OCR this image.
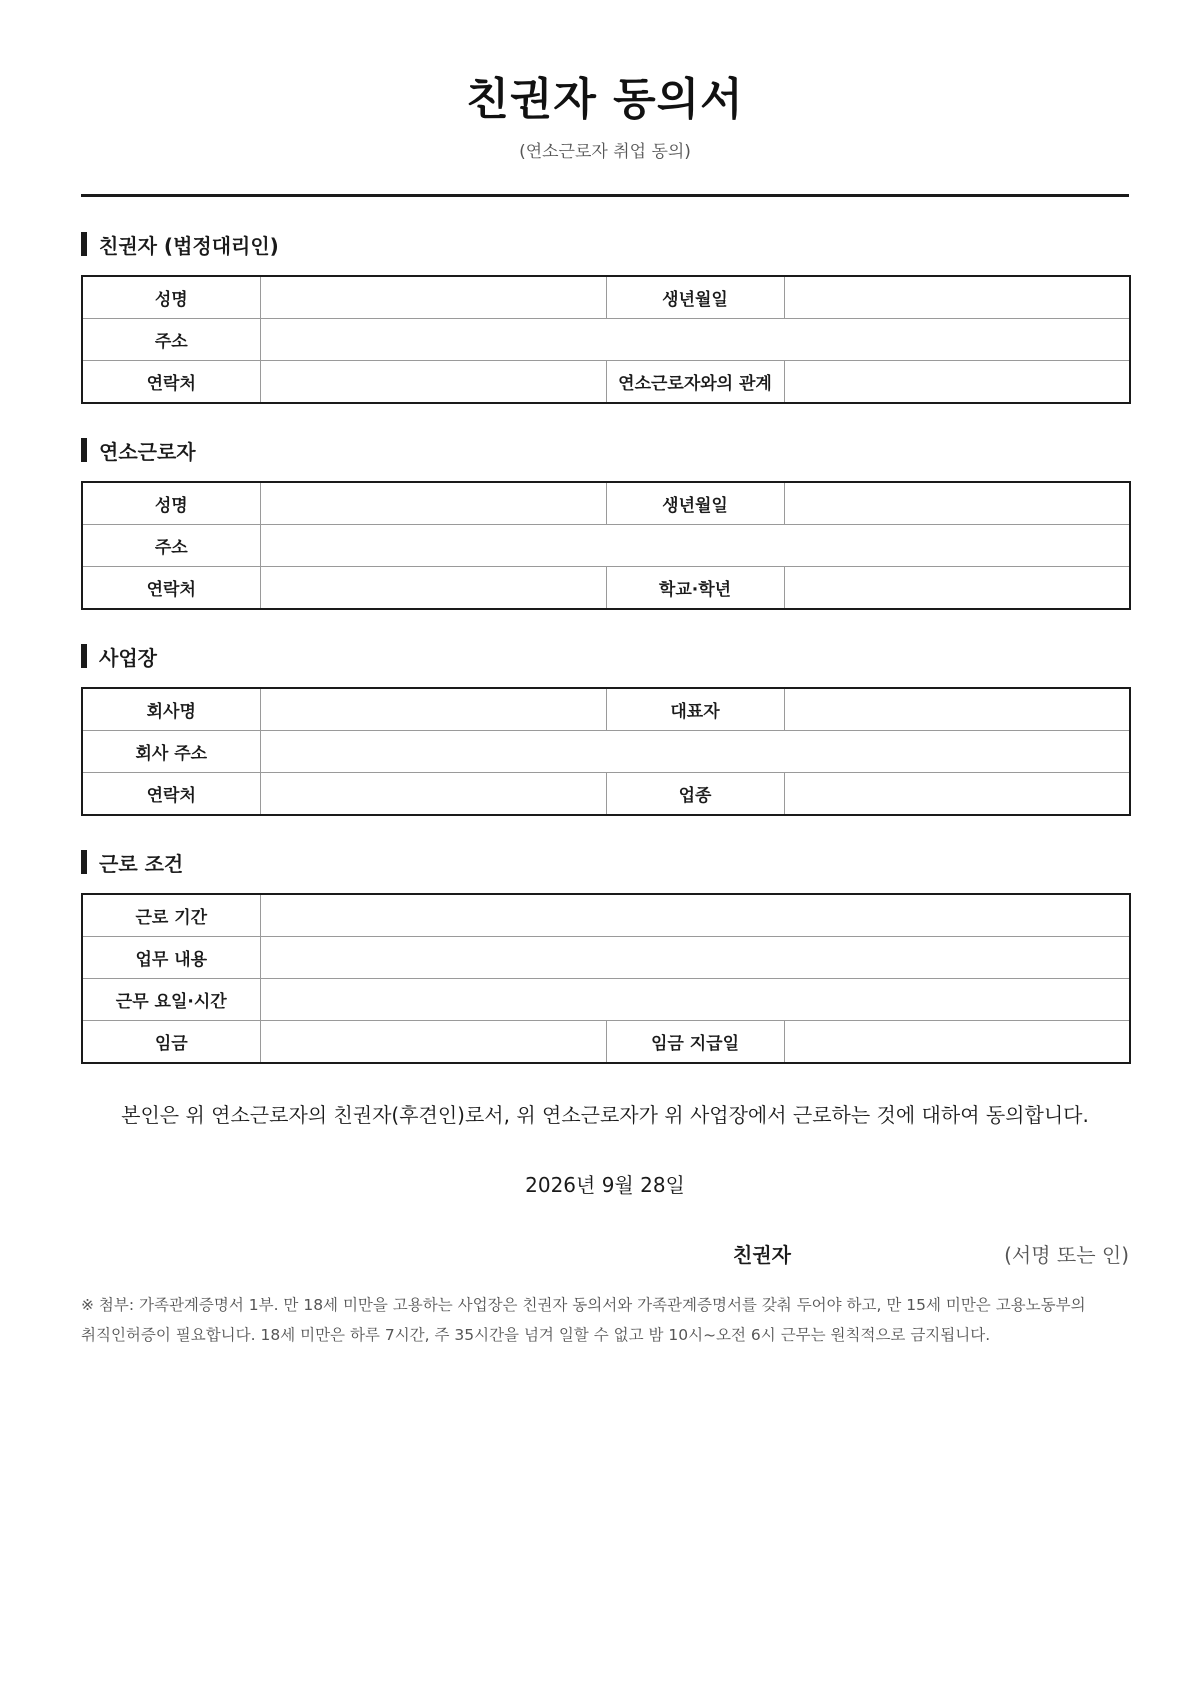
친권자 동의서
(연소근로자 취업 동의)
친권자 (법정대리인)
성명		생년월일	
주소			
연락처		연소근로자와의 관계	
연소근로자
성명		생년월일	
주소			
연락처		학교·학년	
사업장
회사명		대표자	
회사 주소			
연락처		업종	
근로 조건
근로 기간			
업무 내용			
근무 요일·시간			
임금		임금 지급일	
본인은 위 연소근로자의 친권자(후견인)로서, 위 연소근로자가 위 사업장에서 근로하는 것에 대하여 동의합니다.
2026년 9월 28일
친권자	(서명 또는 인)
※ 첨부: 가족관계증명서 1부. 만 18세 미만을 고용하는 사업장은 친권자 동의서와 가족관계증명서를 갖춰 두어야 하고, 만 15세 미만은 고용노동부의
취직인허증이 필요합니다. 18세 미만은 하루 7시간, 주 35시간을 넘겨 일할 수 없고 밤 10시~오전 6시 근무는 원칙적으로 금지됩니다.
